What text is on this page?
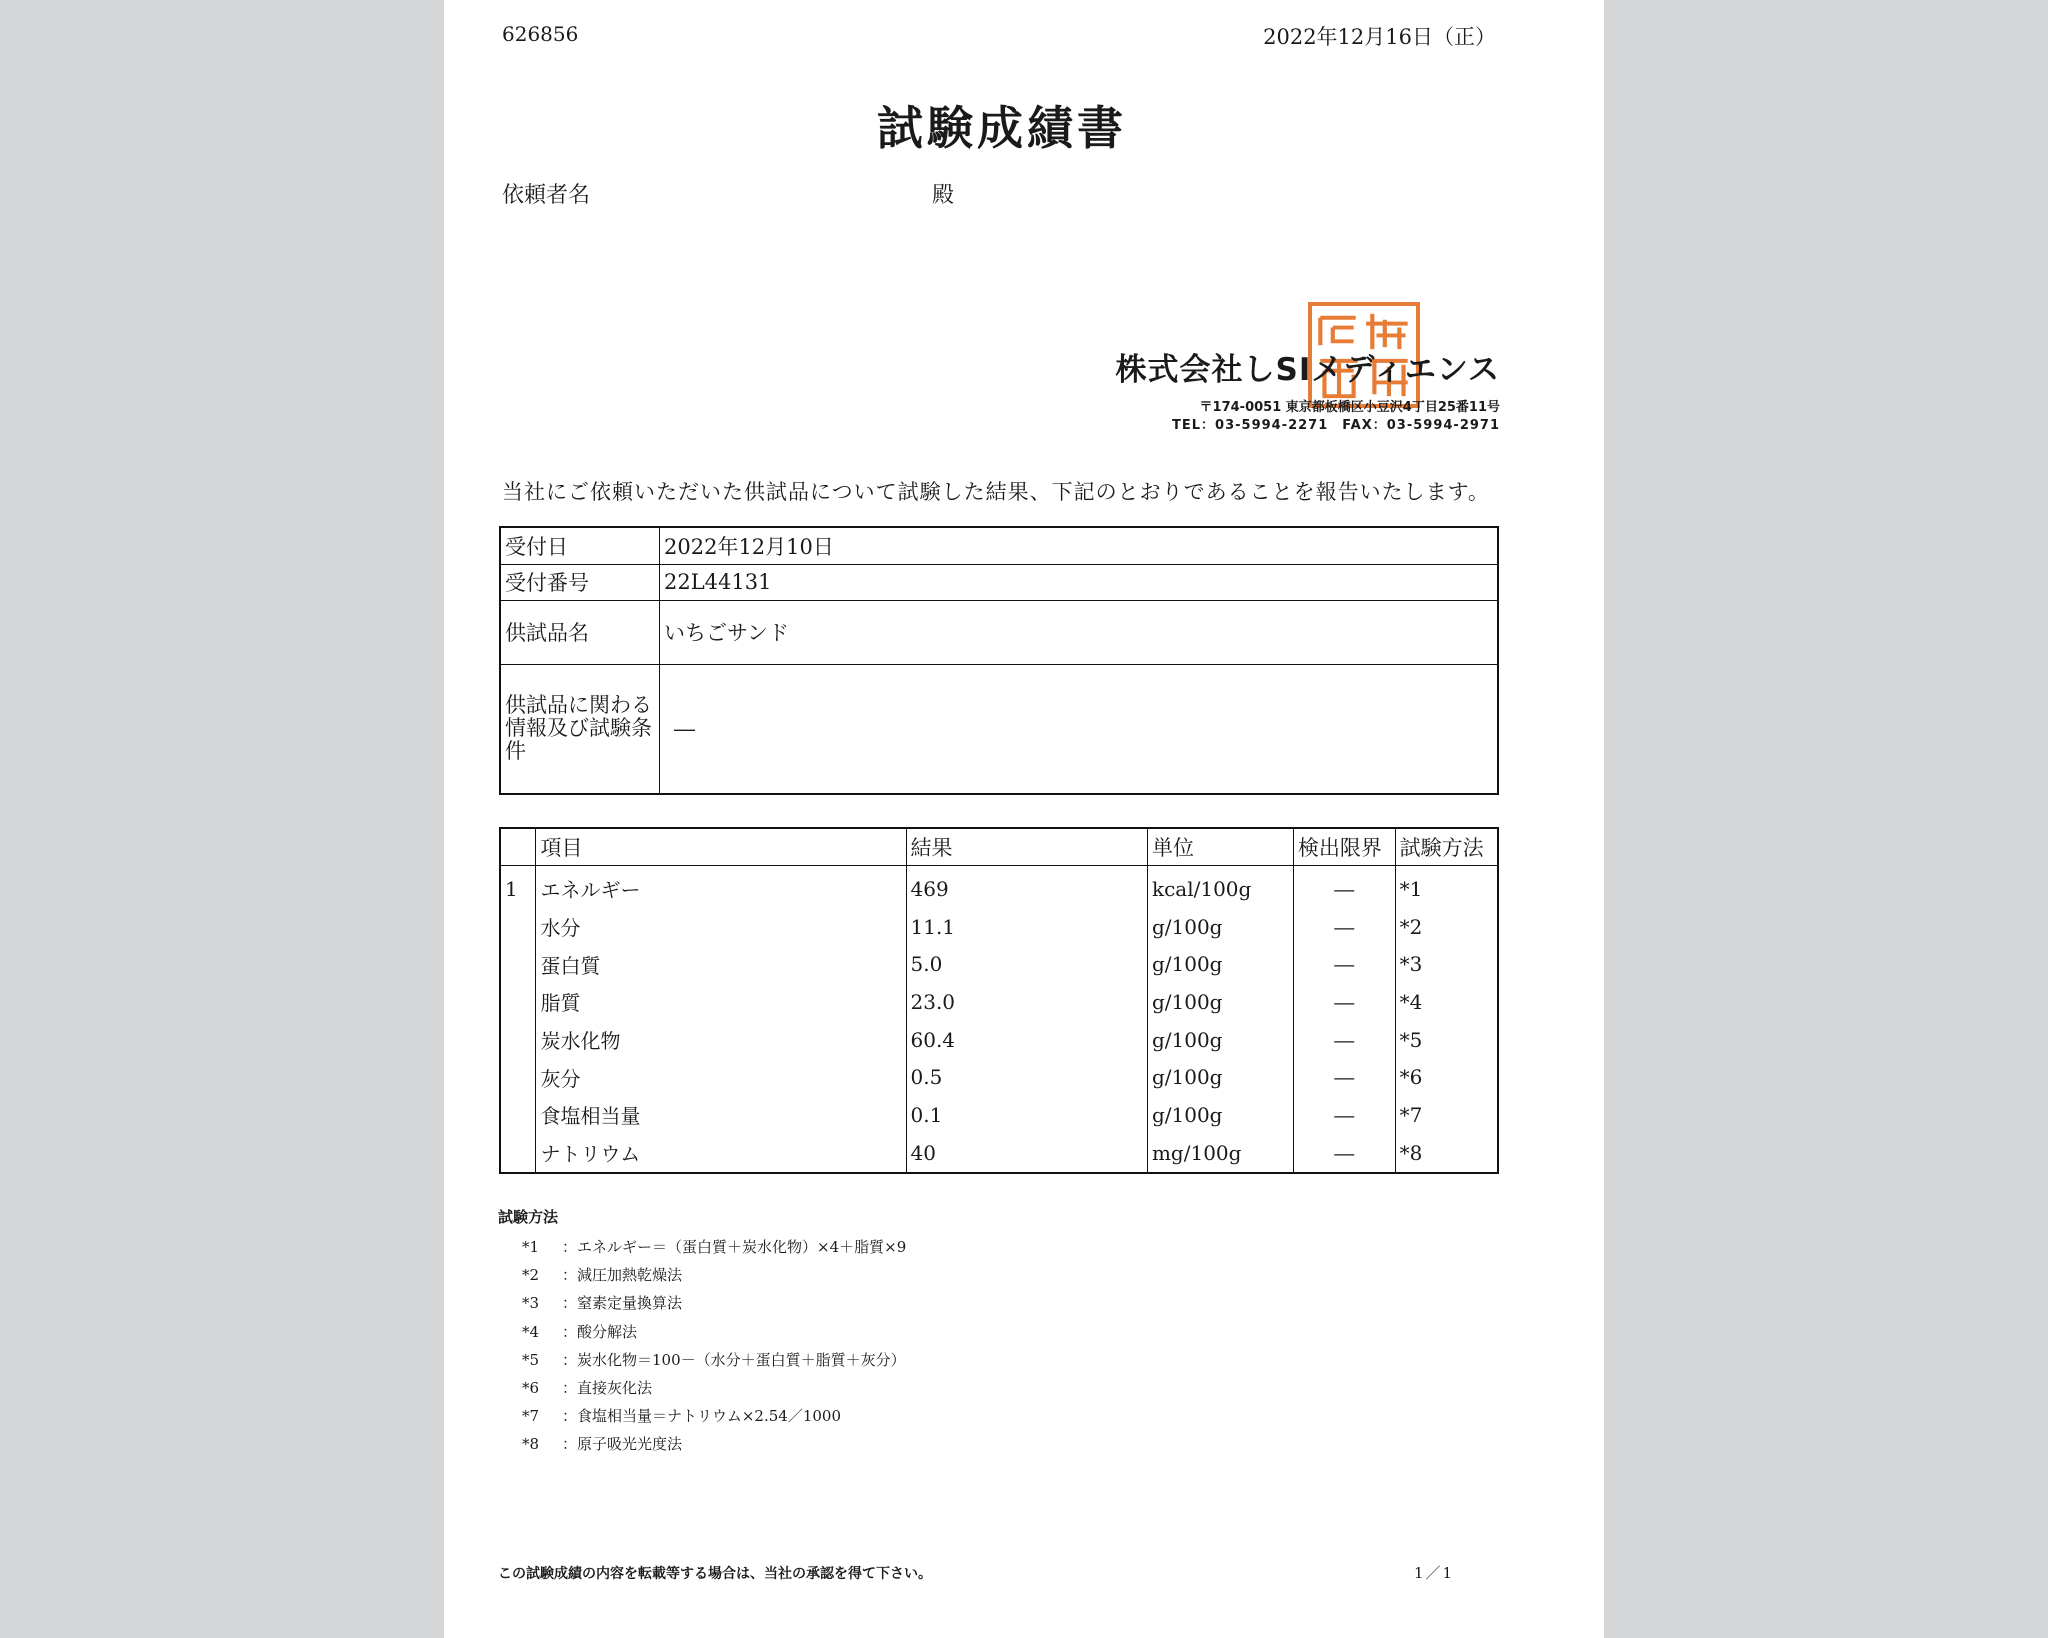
626856	2022年12月16日（正）
試験成績書
依頼者名	殿
株式会社しSIメディエンス
〒174-0051 東京都板橋区小豆沢4丁目25番11号
TEL：03-5994-2271　FAX：03-5994-2971
当社にご依頼いただいた供試品について試験した結果、下記のとおりであることを報告いたします。
受付日	2022年12月10日
受付番号	22L44131
供試品名	いちごサンド
供試品に関わる情報及び試験条件	―
	項目	結果	単位	検出限界	試験方法
1	エネルギー	469	kcal/100g	―	*1
	水分	11.1	g/100g	―	*2
	蛋白質	5.0	g/100g	―	*3
	脂質	23.0	g/100g	―	*4
	炭水化物	60.4	g/100g	―	*5
	灰分	0.5	g/100g	―	*6
	食塩相当量	0.1	g/100g	―	*7
	ナトリウム	40	mg/100g	―	*8
試験方法
*1 ：エネルギー＝（蛋白質＋炭水化物）×4＋脂質×9
*2 ：減圧加熱乾燥法
*3 ：窒素定量換算法
*4 ：酸分解法
*5 ：炭水化物＝100－（水分＋蛋白質＋脂質＋灰分）
*6 ：直接灰化法
*7 ：食塩相当量＝ナトリウム×2.54／1000
*8 ：原子吸光光度法
この試験成績の内容を転載等する場合は、当社の承認を得て下さい。	1／1
